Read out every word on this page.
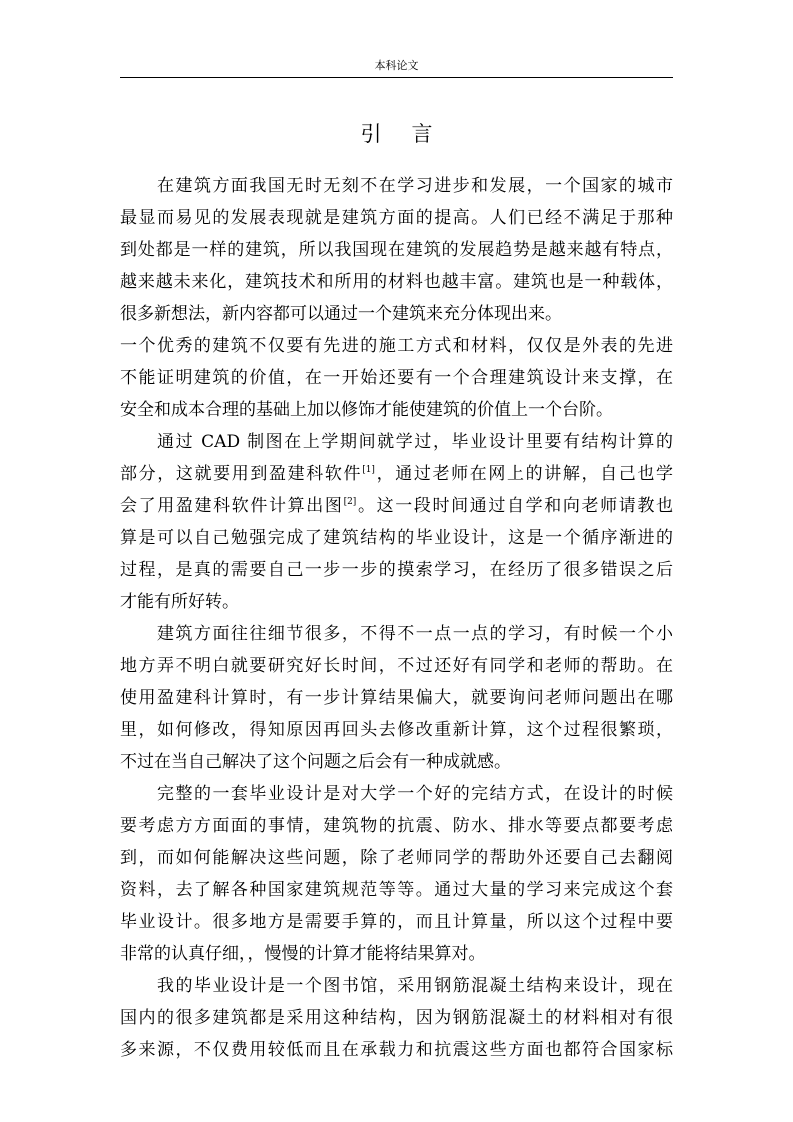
本科论文
引言
在建筑方面我国无时无刻不在学习进步和发展，一个国家的城市
最显而易见的发展表现就是建筑方面的提高。人们已经不满足于那种
到处都是一样的建筑，所以我国现在建筑的发展趋势是越来越有特点，
越来越未来化，建筑技术和所用的材料也越丰富。建筑也是一种载体，
很多新想法，新内容都可以通过一个建筑来充分体现出来。
一个优秀的建筑不仅要有先进的施工方式和材料，仅仅是外表的先进
不能证明建筑的价值，在一开始还要有一个合理建筑设计来支撑，在
安全和成本合理的基础上加以修饰才能使建筑的价值上一个台阶。
通过 CAD 制图在上学期间就学过，毕业设计里要有结构计算的
部分，这就要用到盈建科软件[1]，通过老师在网上的讲解，自己也学
会了用盈建科软件计算出图[2]。这一段时间通过自学和向老师请教也
算是可以自己勉强完成了建筑结构的毕业设计，这是一个循序渐进的
过程，是真的需要自己一步一步的摸索学习，在经历了很多错误之后
才能有所好转。
建筑方面往往细节很多，不得不一点一点的学习，有时候一个小
地方弄不明白就要研究好长时间，不过还好有同学和老师的帮助。在
使用盈建科计算时，有一步计算结果偏大，就要询问老师问题出在哪
里，如何修改，得知原因再回头去修改重新计算，这个过程很繁琐，
不过在当自己解决了这个问题之后会有一种成就感。
完整的一套毕业设计是对大学一个好的完结方式，在设计的时候
要考虑方方面面的事情，建筑物的抗震、防水、排水等要点都要考虑
到，而如何能解决这些问题，除了老师同学的帮助外还要自己去翻阅
资料，去了解各种国家建筑规范等等。通过大量的学习来完成这个套
毕业设计。很多地方是需要手算的，而且计算量，所以这个过程中要
非常的认真仔细，，慢慢的计算才能将结果算对。
我的毕业设计是一个图书馆，采用钢筋混凝土结构来设计，现在
国内的很多建筑都是采用这种结构，因为钢筋混凝土的材料相对有很
多来源，不仅费用较低而且在承载力和抗震这些方面也都符合国家标
